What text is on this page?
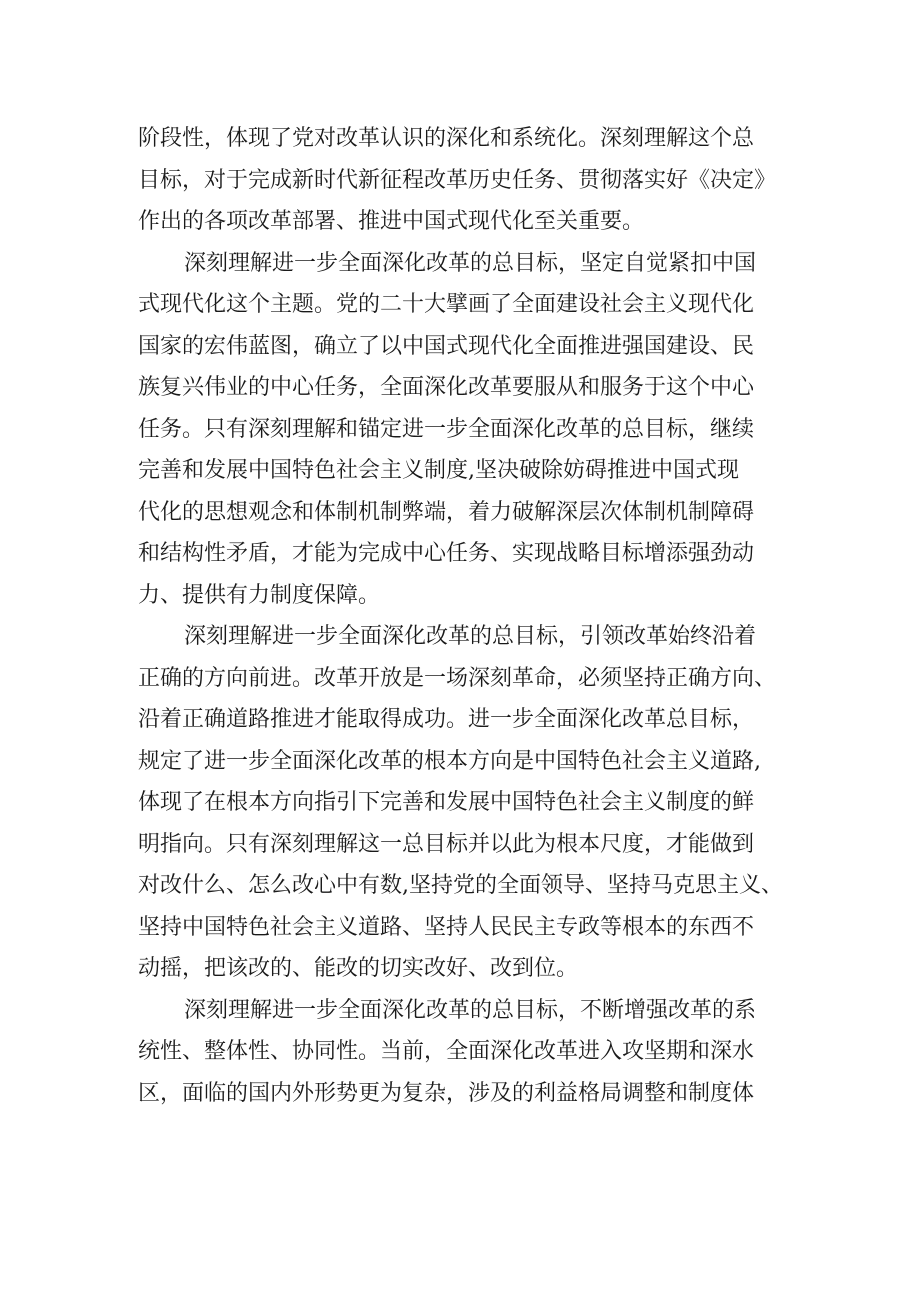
阶段性，体现了党对改革认识的深化和系统化。深刻理解这个总
目标，对于完成新时代新征程改革历史任务、贯彻落实好《决定》
作出的各项改革部署、推进中国式现代化至关重要。
深刻理解进一步全面深化改革的总目标，坚定自觉紧扣中国
式现代化这个主题。党的二十大擘画了全面建设社会主义现代化
国家的宏伟蓝图，确立了以中国式现代化全面推进强国建设、民
族复兴伟业的中心任务，全面深化改革要服从和服务于这个中心
任务。只有深刻理解和锚定进一步全面深化改革的总目标，继续
完善和发展中国特色社会主义制度,坚决破除妨碍推进中国式现
代化的思想观念和体制机制弊端，着力破解深层次体制机制障碍
和结构性矛盾，才能为完成中心任务、实现战略目标增添强劲动
力、提供有力制度保障。
深刻理解进一步全面深化改革的总目标，引领改革始终沿着
正确的方向前进。改革开放是一场深刻革命，必须坚持正确方向、
沿着正确道路推进才能取得成功。进一步全面深化改革总目标，
规定了进一步全面深化改革的根本方向是中国特色社会主义道路,
体现了在根本方向指引下完善和发展中国特色社会主义制度的鲜
明指向。只有深刻理解这一总目标并以此为根本尺度，才能做到
对改什么、怎么改心中有数,坚持党的全面领导、坚持马克思主义、
坚持中国特色社会主义道路、坚持人民民主专政等根本的东西不
动摇，把该改的、能改的切实改好、改到位。
深刻理解进一步全面深化改革的总目标，不断增强改革的系
统性、整体性、协同性。当前，全面深化改革进入攻坚期和深水
区，面临的国内外形势更为复杂，涉及的利益格局调整和制度体
